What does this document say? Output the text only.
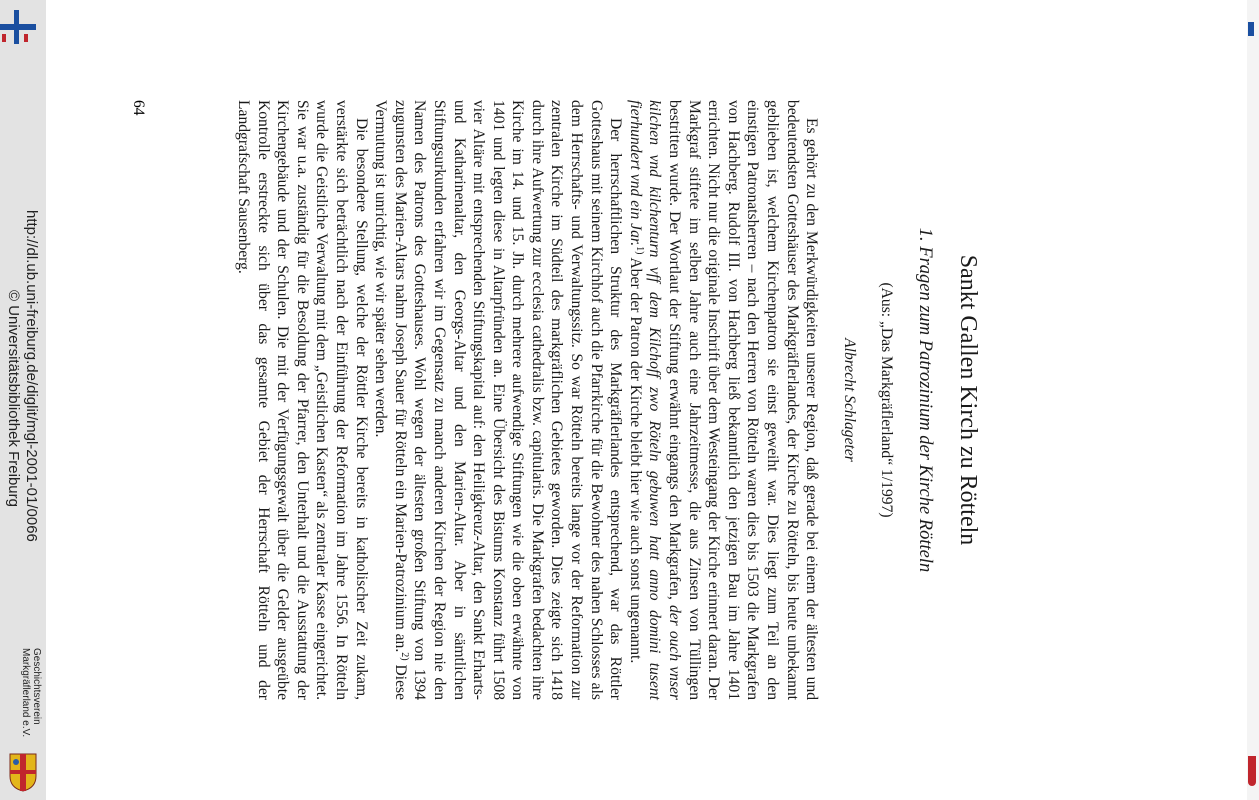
http://dl.ub.uni-freiburg.de/diglit/mgl-2001-01/0066
© Universitätsbibliothek Freiburg
Geschichtsverein
Markgräflerland e.V.
Sankt Gallen Kirch zu Rötteln
1. Fragen zum Patrozinium der Kirche Rötteln
(Aus: „Das Markgräflerland“ 1/1997)
Albrecht Schlageter

Es gehört zu den Merkwürdigkeiten unserer Region, daß gerade bei einem der ältesten und bedeutendsten Gotteshäuser des Markgräflerlandes, der Kirche zu Rötteln, bis heute unbekannt geblieben ist, welchem Kirchenpatron sie einst geweiht war. Dies liegt zum Teil an den einstigen Patronatsherren – nach den Herren von Rötteln waren dies bis 1503 die Markgrafen von Hachberg. Rudolf III. von Hachberg ließ bekanntlich den jetzigen Bau im Jahre 1401 errichten. Nicht nur die originale Inschrift über dem Westeingang der Kirche erinnert daran. Der Markgraf stiftete im selben Jahre auch eine Jahrzeitmesse, die aus Zinsen von Tüllingen bestritten wurde. Der Wortlaut der Stiftung erwähnt eingangs den Markgrafen, der ouch vnser kilchen vnd kilchenturn vff dem Kilchoff zwo Röteln gebuwen hatt anno domini tusent fierhundert vnd ein Jar.$^{1)}$ Aber der Patron der Kirche bleibt hier wie auch sonst ungenannt.

Der herrschaftlichen Struktur des Markgräflerlandes entsprechend, war das Röttler Gotteshaus mit seinem Kirchhof auch die Pfarrkirche für die Bewohner des nahen Schlosses als dem Herrschafts- und Verwaltungssitz. So war Rötteln bereits lange vor der Reformation zur zentralen Kirche im Südteil des markgräflichen Gebietes geworden. Dies zeigte sich 1418 durch ihre Aufwertung zur ecclesia cathedralis bzw. capitularis. Die Markgrafen bedachten ihre Kirche im 14. und 15. Jh. durch mehrere aufwendige Stiftungen wie die oben erwähnte von 1401 und legten diese in Altarpfründen an. Eine Übersicht des Bistums Konstanz führt 1508 vier Altäre mit entsprechenden Stiftungskapital auf: den Heiligkreuz-Altar, den Sankt Erharts- und Katharinenaltar, den Georgs-Altar und den Marien-Altar. Aber in sämtlichen Stiftungsurkunden erfahren wir im Gegensatz zu manch anderen Kirchen der Region nie den Namen des Patrons des Gotteshauses. Wohl wegen der ältesten großen Stiftung von 1394 zugunsten des Marien-Altars nahm Joseph Sauer für Rötteln ein Marien-Patrozinium an.$^{2)}$ Diese Vermutung ist unrichtig, wie wir später sehen werden.

Die besondere Stellung, welche der Röttler Kirche bereits in katholischer Zeit zukam, verstärkte sich beträchtlich nach der Einführung der Reformation im Jahre 1556. In Rötteln wurde die Geistliche Verwaltung mit dem „Geistlichen Kasten“ als zentraler Kasse eingerichtet. Sie war u.a. zuständig für die Besoldung der Pfarrer, den Unterhalt und die Ausstattung der Kirchengebäude und der Schulen. Die mit der Verfügungsgewalt über die Gelder ausgeübte Kontrolle erstreckte sich über das gesamte Gebiet der Herrschaft Rötteln und der Landgrafschaft Sausenberg.

64
